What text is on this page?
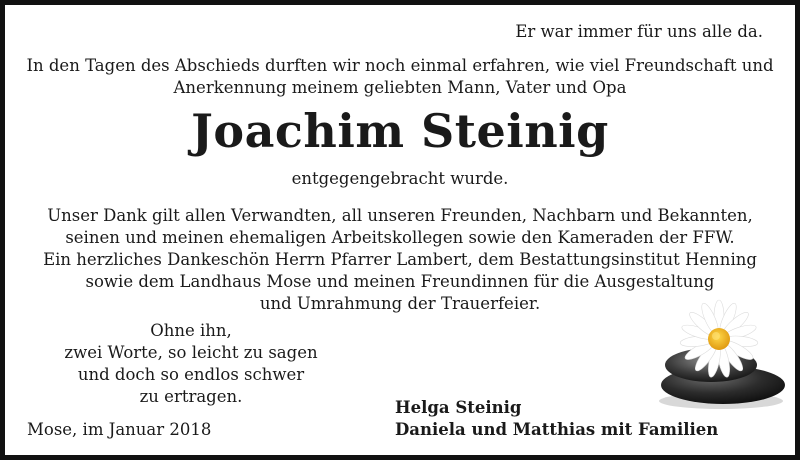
Er war immer für uns alle da.
In den Tagen des Abschieds durften wir noch einmal erfahren, wie viel Freundschaft und
Anerkennung meinem geliebten Mann, Vater und Opa
Joachim Steinig
entgegengebracht wurde.
Unser Dank gilt allen Verwandten, all unseren Freunden, Nachbarn und Bekannten,
seinen und meinen ehemaligen Arbeitskollegen sowie den Kameraden der FFW.
Ein herzliches Dankeschön Herrn Pfarrer Lambert, dem Bestattungsinstitut Henning
sowie dem Landhaus Mose und meinen Freundinnen für die Ausgestaltung
und Umrahmung der Trauerfeier.
Ohne ihn,
zwei Worte, so leicht zu sagen
und doch so endlos schwer
zu ertragen.
Mose, im Januar 2018
Helga Steinig
Daniela und Matthias mit Familien
